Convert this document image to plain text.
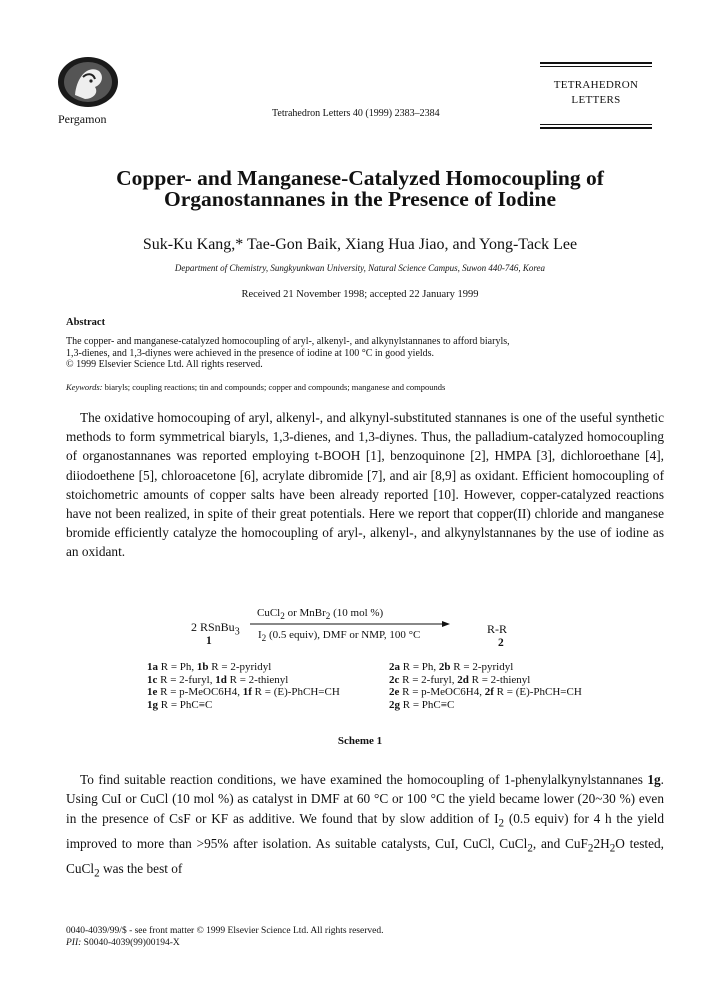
Pergamon	Tetrahedron Letters 40 (1999) 2383–2384
TETRAHEDRON
LETTERS
Copper- and Manganese-Catalyzed Homocoupling of
Organostannanes in the Presence of Iodine
Suk-Ku Kang,* Tae-Gon Baik, Xiang Hua Jiao, and Yong-Tack Lee
Department of Chemistry, Sungkyunkwan University, Natural Science Campus, Suwon 440-746, Korea
Received 21 November 1998; accepted 22 January 1999
Abstract
The copper- and manganese-catalyzed homocoupling of aryl-, alkenyl-, and alkynylstannanes to afford biaryls,
1,3-dienes, and 1,3-diynes were achieved in the presence of iodine at 100 °C in good yields.
© 1999 Elsevier Science Ltd. All rights reserved.
Keywords: biaryls; coupling reactions; tin and compounds; copper and compounds; manganese and compounds
The oxidative homocouping of aryl, alkenyl-, and alkynyl-substituted stannanes is one of the useful synthetic methods to form symmetrical biaryls, 1,3-dienes, and 1,3-diynes. Thus, the palladium-catalyzed homocoupling of organostannanes was reported employing t-BOOH [1], benzoquinone [2], HMPA [3], dichloroethane [4], diiodoethene [5], chloroacetone [6], acrylate dibromide [7], and air [8,9] as oxidant. Efficient homocoupling of stoichometric amounts of copper salts have been already reported [10]. However, copper-catalyzed reactions have not been realized, in spite of their great potentials. Here we report that copper(II) chloride and manganese bromide efficiently catalyze the homocoupling of aryl-, alkenyl-, and alkynylstannanes by the use of iodine as an oxidant.
2 RSnBu$_3$
1
CuCl$_2$ or MnBr$_2$ (10 mol %)
$I_2$ (0.5 equiv), DMF or NMP, 100 °C	R-R
2
1a R = Ph, 1b R = 2-pyridyl
1c R = 2-furyl, 1d R = 2-thienyl
1e R = p-MeOC6H4, 1f R = (E)-PhCH=CH
1g R = PhC≡C
2a R = Ph, 2b R = 2-pyridyl
2c R = 2-furyl, 2d R = 2-thienyl
2e R = p-MeOC6H4, 2f R = (E)-PhCH=CH
2g R = PhC≡C
Scheme 1
To find suitable reaction conditions, we have examined the homocoupling of 1-phenylalkynylstannanes 1g. Using CuI or CuCl (10 mol %) as catalyst in DMF at 60 °C or 100 °C the yield became lower (20~30 %) even in the presence of CsF or KF as additive. We found that by slow addition of $I_2$ (0.5 equiv) for 4 h the yield improved to more than >95% after isolation. As suitable catalysts, CuI, CuCl, CuCl$_2$, and $CuF_22H_2O$ tested, CuCl$_2$ was the best of
0040-4039/99/$ - see front matter © 1999 Elsevier Science Ltd. All rights reserved.
PII: S0040-4039(99)00194-X
